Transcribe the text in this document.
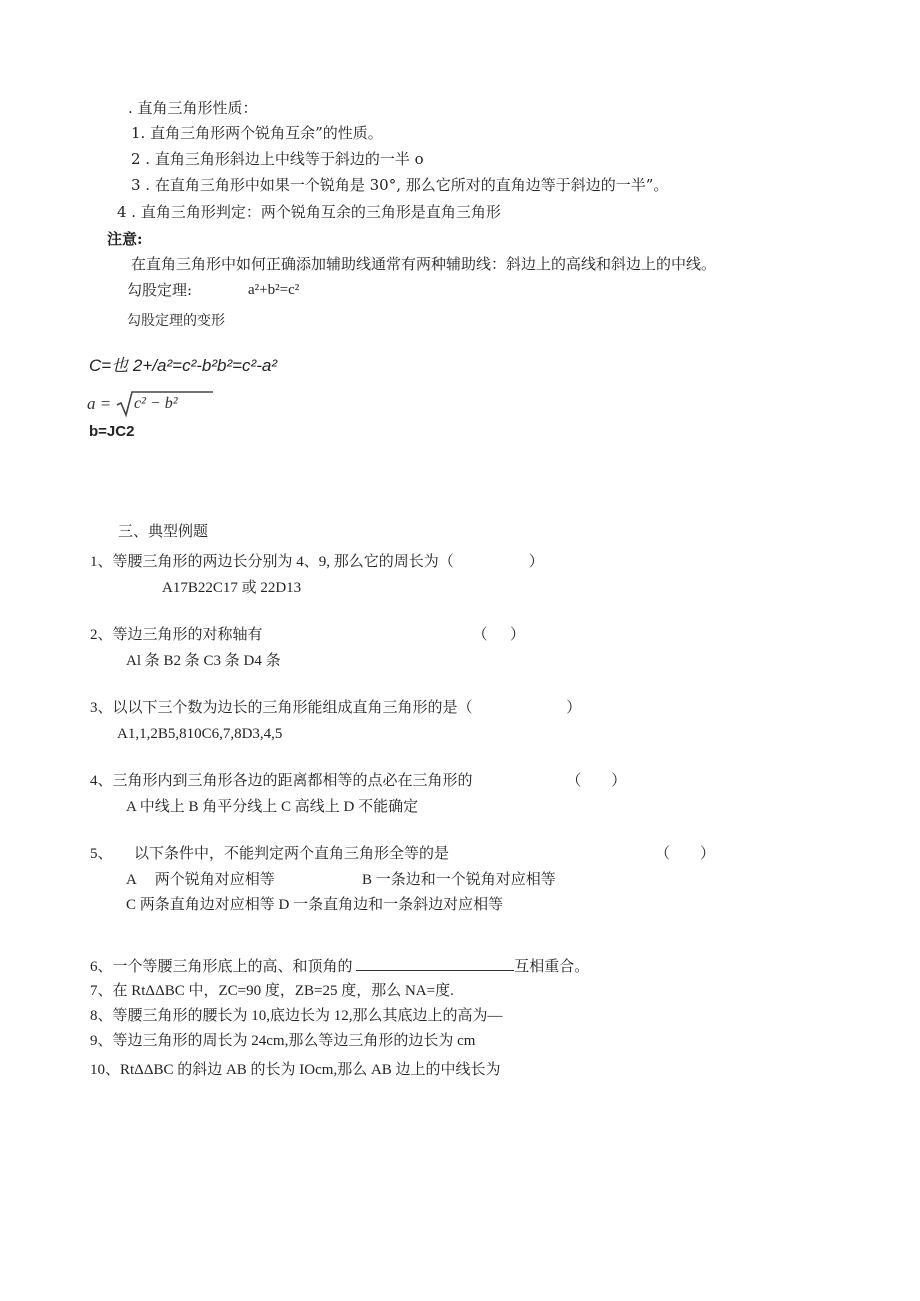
. 直角三角形性质：
1. 直角三角形两个锐角互余”的性质。
2 . 直角三角形斜边上中线等于斜边的一半 o
3 . 在直角三角形中如果一个锐角是 30°, 那么它所对的直角边等于斜边的一半”。
4 . 直角三角形判定：两个锐角互余的三角形是直角三角形
注意:
在直角三角形中如何正确添加辅助线通常有两种辅助线：斜边上的高线和斜边上的中线。
勾股定理:	a²+b²=c²
勾股定理的变形
C=也 2+/a²=c²-b²b²=c²-a²
a = c² − b²
b=JC2
三、典型例题
1、等腰三角形的两边长分别为 4、9, 那么它的周长为（                    ）
A17B22C17 或 22D13
2、等边三角形的对称轴有                                                        （      ）
Al 条 B2 条 C3 条 D4 条
3、以以下三个数为边长的三角形能组成直角三角形的是（                         ）
A1,1,2B5,810C6,7,8D3,4,5
4、三角形内到三角形各边的距离都相等的点必在三角形的                         （        ）
A 中线上 B 角平分线上 C 高线上 D 不能确定
5、 以下条件中，不能判定两个直角三角形全等的是	（        ）
A     两个锐角对应相等	B 一条边和一个锐角对应相等
C 两条直角边对应相等 D 一条直角边和一条斜边对应相等
6、一个等腰三角形底上的高、和顶角的	互相重合。
7、在 RtΔΔBC 中，ZC=90 度，ZB=25 度，那么 NA=度.
8、等腰三角形的腰长为 10,底边长为 12,那么其底边上的高为—
9、等边三角形的周长为 24cm,那么等边三角形的边长为 cm
10、RtΔΔBC 的斜边 AB 的长为 IOcm,那么 AB 边上的中线长为
